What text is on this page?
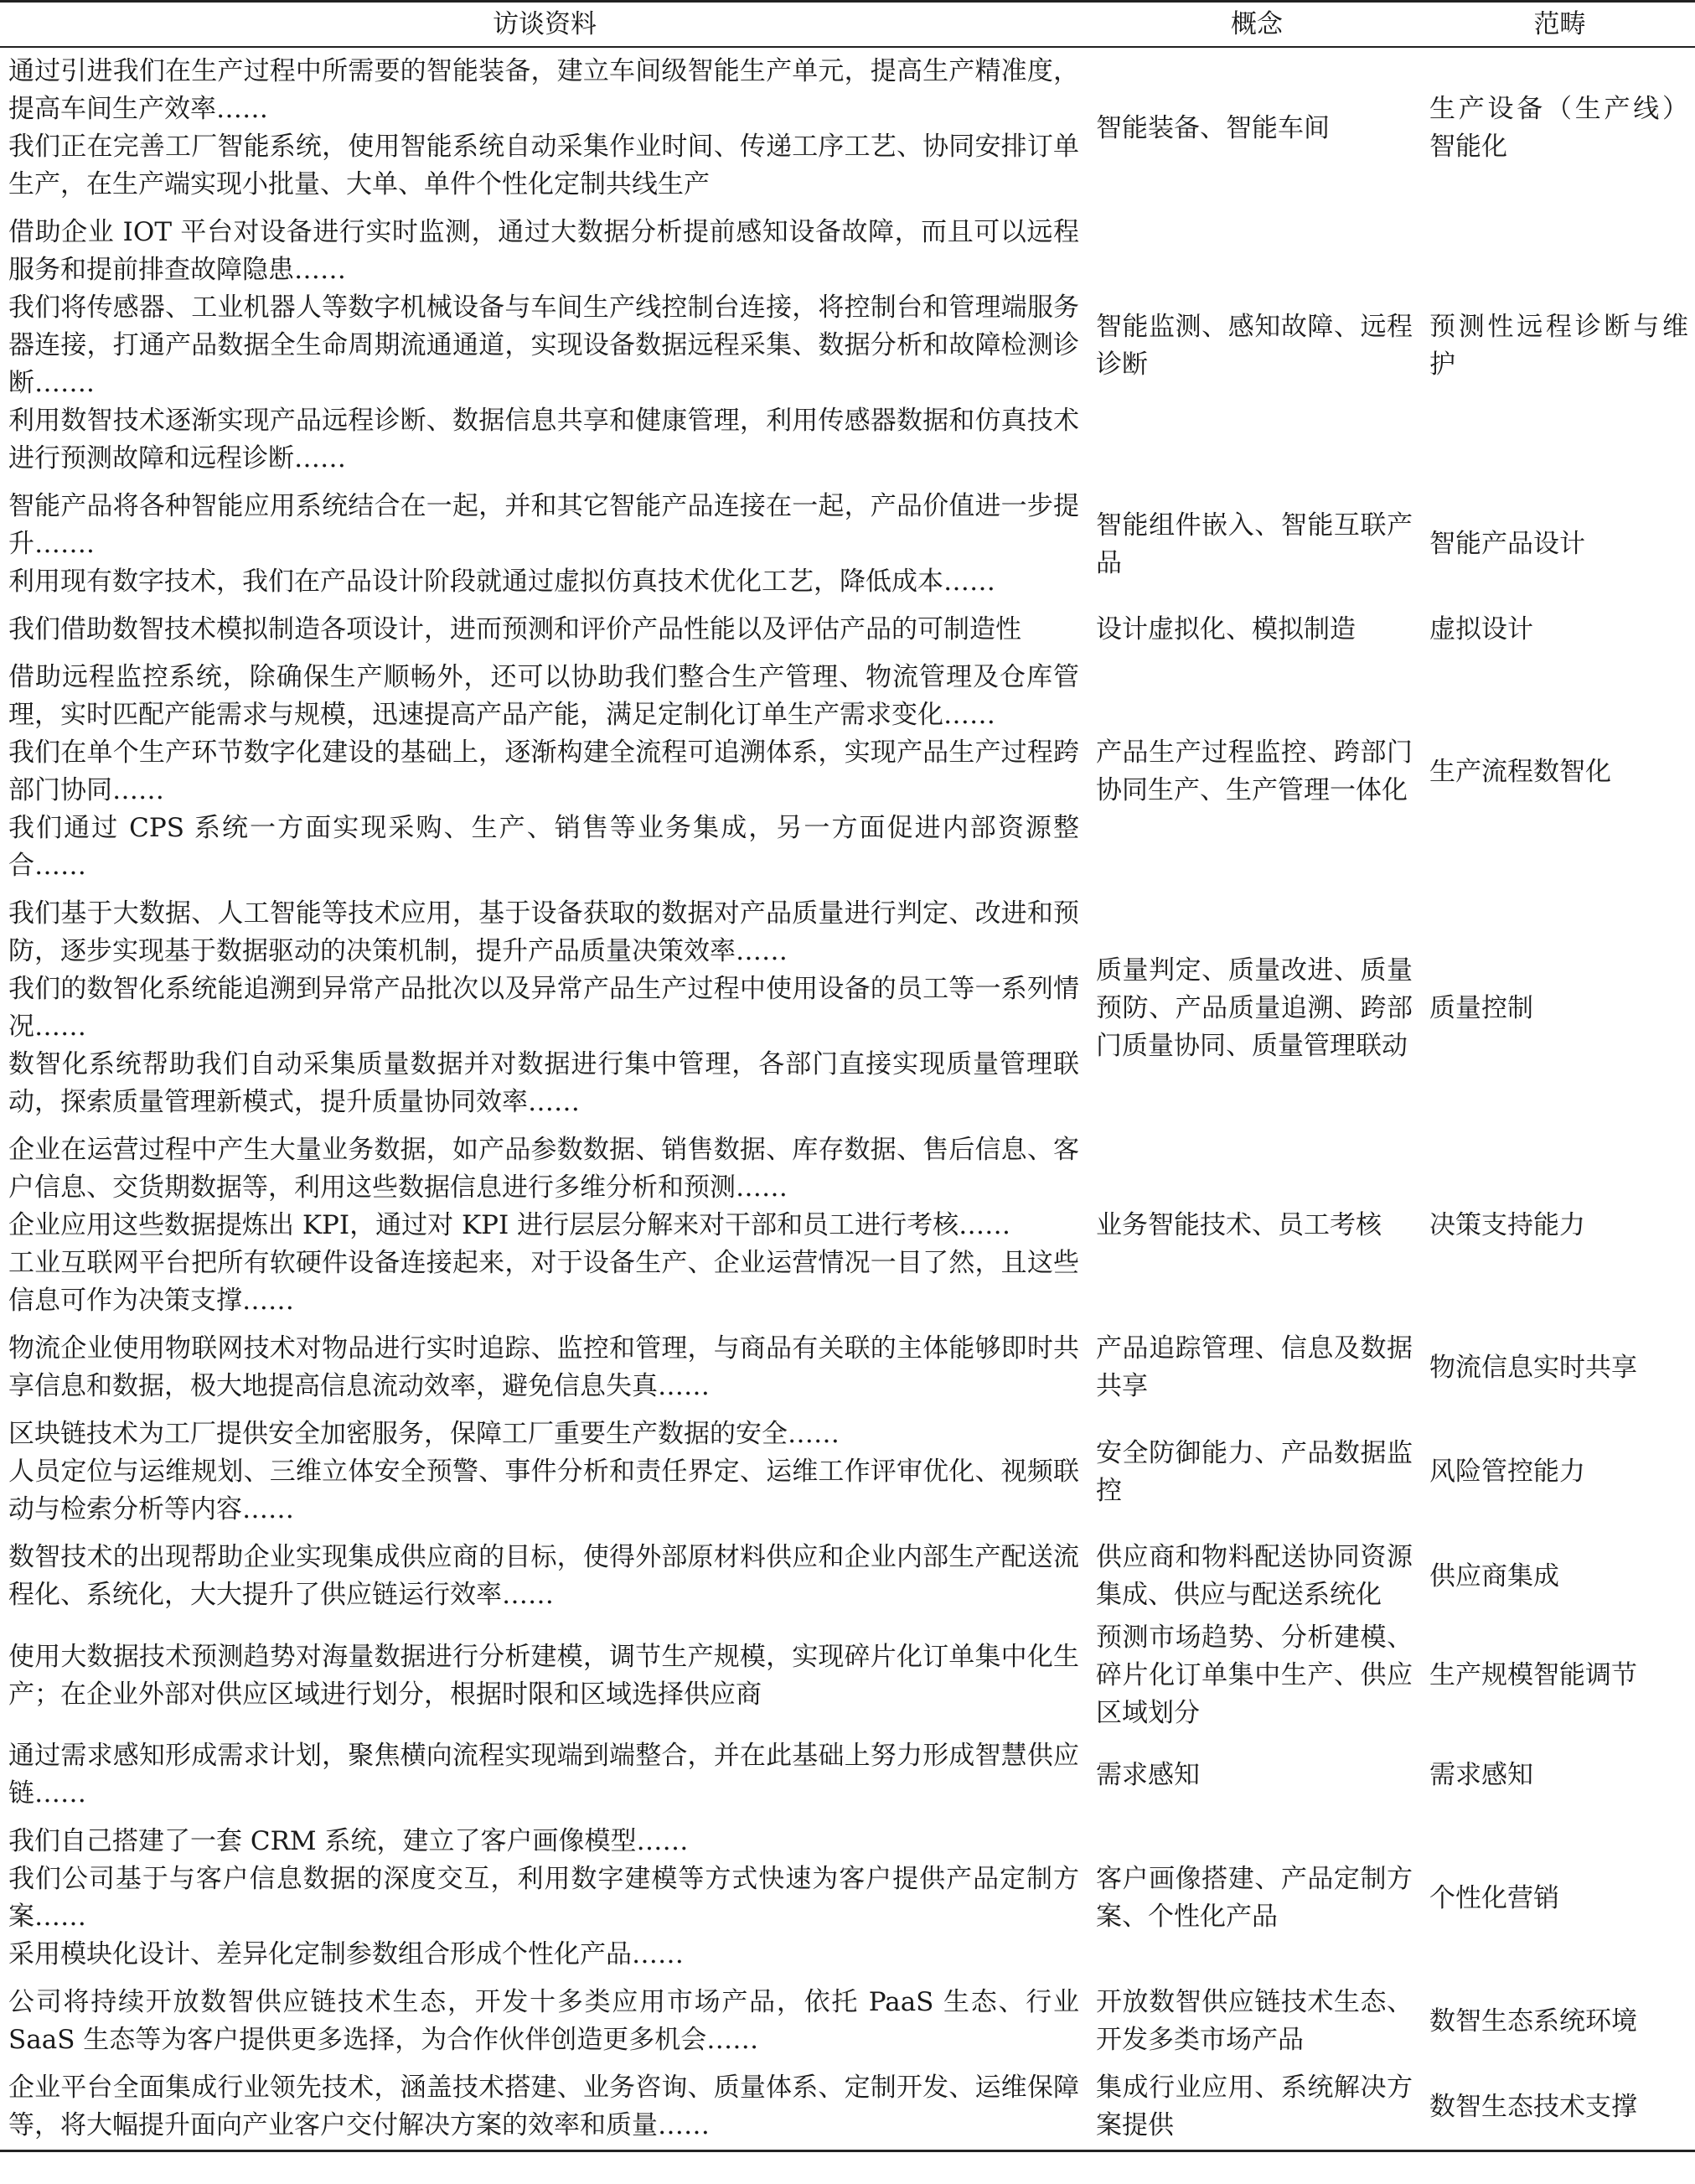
访谈资料	概念	范畴

通过引进我们在生产过程中所需要的智能装备，建立车间级智能生产单元，提高生产精准度，提高车间生产效率……
我们正在完善工厂智能系统，使用智能系统自动采集作业时间、传递工序工艺、协同安排订单生产，在生产端实现小批量、大单、单件个性化定制共线生产	智能装备、智能车间	生产设备（生产线）智能化

借助企业 IOT 平台对设备进行实时监测，通过大数据分析提前感知设备故障，而且可以远程服务和提前排查故障隐患……
我们将传感器、工业机器人等数字机械设备与车间生产线控制台连接，将控制台和管理端服务器连接，打通产品数据全生命周期流通通道，实现设备数据远程采集、数据分析和故障检测诊断…….
利用数智技术逐渐实现产品远程诊断、数据信息共享和健康管理，利用传感器数据和仿真技术进行预测故障和远程诊断……	智能监测、感知故障、远程诊断	预测性远程诊断与维护

智能产品将各种智能应用系统结合在一起，并和其它智能产品连接在一起，产品价值进一步提升…….
利用现有数字技术，我们在产品设计阶段就通过虚拟仿真技术优化工艺，降低成本……	智能组件嵌入、智能互联产品	智能产品设计

我们借助数智技术模拟制造各项设计，进而预测和评价产品性能以及评估产品的可制造性	设计虚拟化、模拟制造	虚拟设计

借助远程监控系统，除确保生产顺畅外，还可以协助我们整合生产管理、物流管理及仓库管理，实时匹配产能需求与规模，迅速提高产品产能，满足定制化订单生产需求变化……
我们在单个生产环节数字化建设的基础上，逐渐构建全流程可追溯体系，实现产品生产过程跨部门协同……
我们通过 CPS 系统一方面实现采购、生产、销售等业务集成，另一方面促进内部资源整合……	产品生产过程监控、跨部门协同生产、生产管理一体化	生产流程数智化

我们基于大数据、人工智能等技术应用，基于设备获取的数据对产品质量进行判定、改进和预防，逐步实现基于数据驱动的决策机制，提升产品质量决策效率……
我们的数智化系统能追溯到异常产品批次以及异常产品生产过程中使用设备的员工等一系列情况……
数智化系统帮助我们自动采集质量数据并对数据进行集中管理，各部门直接实现质量管理联动，探索质量管理新模式，提升质量协同效率……	质量判定、质量改进、质量预防、产品质量追溯、跨部门质量协同、质量管理联动	质量控制

企业在运营过程中产生大量业务数据，如产品参数数据、销售数据、库存数据、售后信息、客户信息、交货期数据等，利用这些数据信息进行多维分析和预测……
企业应用这些数据提炼出 KPI，通过对 KPI 进行层层分解来对干部和员工进行考核……
工业互联网平台把所有软硬件设备连接起来，对于设备生产、企业运营情况一目了然，且这些信息可作为决策支撑……	业务智能技术、员工考核	决策支持能力

物流企业使用物联网技术对物品进行实时追踪、监控和管理，与商品有关联的主体能够即时共享信息和数据，极大地提高信息流动效率，避免信息失真……	产品追踪管理、信息及数据共享	物流信息实时共享

区块链技术为工厂提供安全加密服务，保障工厂重要生产数据的安全……
人员定位与运维规划、三维立体安全预警、事件分析和责任界定、运维工作评审优化、视频联动与检索分析等内容……	安全防御能力、产品数据监控	风险管控能力

数智技术的出现帮助企业实现集成供应商的目标，使得外部原材料供应和企业内部生产配送流程化、系统化，大大提升了供应链运行效率……	供应商和物料配送协同资源集成、供应与配送系统化	供应商集成

使用大数据技术预测趋势对海量数据进行分析建模，调节生产规模，实现碎片化订单集中化生产；在企业外部对供应区域进行划分，根据时限和区域选择供应商	预测市场趋势、分析建模、碎片化订单集中生产、供应区域划分	生产规模智能调节

通过需求感知形成需求计划，聚焦横向流程实现端到端整合，并在此基础上努力形成智慧供应链……	需求感知	需求感知

我们自己搭建了一套 CRM 系统，建立了客户画像模型……
我们公司基于与客户信息数据的深度交互，利用数字建模等方式快速为客户提供产品定制方案……
采用模块化设计、差异化定制参数组合形成个性化产品……	客户画像搭建、产品定制方案、个性化产品	个性化营销

公司将持续开放数智供应链技术生态，开发十多类应用市场产品，依托 PaaS 生态、行业 SaaS 生态等为客户提供更多选择，为合作伙伴创造更多机会……	开放数智供应链技术生态、开发多类市场产品	数智生态系统环境

企业平台全面集成行业领先技术，涵盖技术搭建、业务咨询、质量体系、定制开发、运维保障等，将大幅提升面向产业客户交付解决方案的效率和质量……	集成行业应用、系统解决方案提供	数智生态技术支撑
